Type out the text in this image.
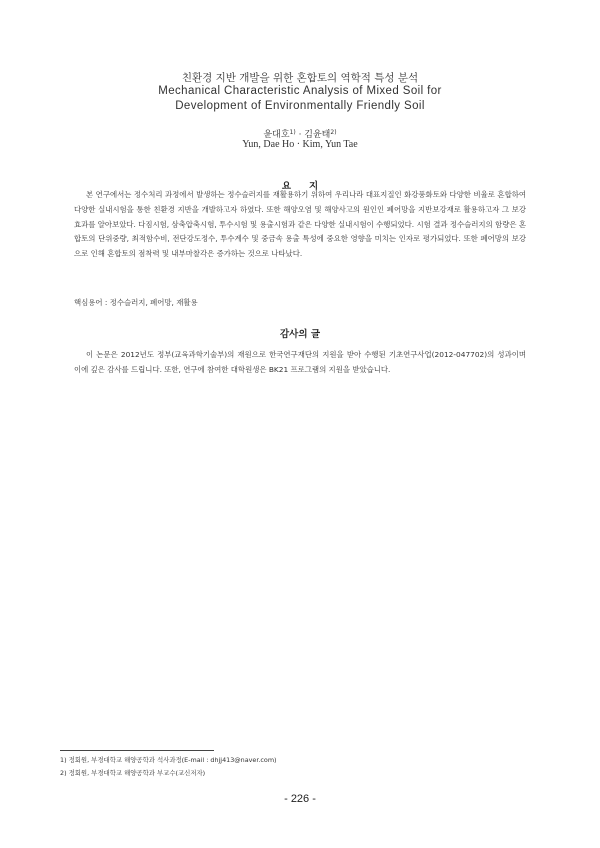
친환경 지반 개발을 위한 혼합토의 역학적 특성 분석
Mechanical Characteristic Analysis of Mixed Soil for
Development of Environmentally Friendly Soil
윤대호$^{1)}$ · 김윤태$^{2)}$
Yun, Dae Ho · Kim, Yun Tae
요지

본 연구에서는 정수처리 과정에서 발생하는 정수슬러지를 재활용하기 위하여 우리나라 대표지질인 화강풍화토와 다양한 비율로 혼합하여 다양한 실내시험을 통한 친환경 지반을 개발하고자 하였다. 또한 해양오염 및 해양사고의 원인인 폐어망을 지반보강재로 활용하고자 그 보강효과를 알아보았다. 다짐시험, 삼축압축시험, 투수시험 및 용출시험과 같은 다양한 실내시험이 수행되었다. 시험 결과 정수슬러지의 함량은 혼합토의 단위중량, 최적함수비, 전단강도정수, 투수계수 및 중금속 용출 특성에 중요한 영향을 미치는 인자로 평가되었다. 또한 폐어망의 보강으로 인해 혼합토의 점착력 및 내부마찰각은 증가하는 것으로 나타났다.

핵심용어 : 정수슬러지, 폐어망, 재활용
감사의 글

이 논문은 2012년도 정부(교육과학기술부)의 재원으로 한국연구재단의 지원을 받아 수행된 기초연구사업(2012-047702)의 성과이며 이에 깊은 감사를 드립니다. 또한, 연구에 참여한 대학원생은 BK21 프로그램의 지원을 받았습니다.

1) 정회원, 부경대학교 해양공학과 석사과정(E-mail : dhjj413@naver.com)
2) 정회원, 부경대학교 해양공학과 부교수(교신저자)
- 226 -
